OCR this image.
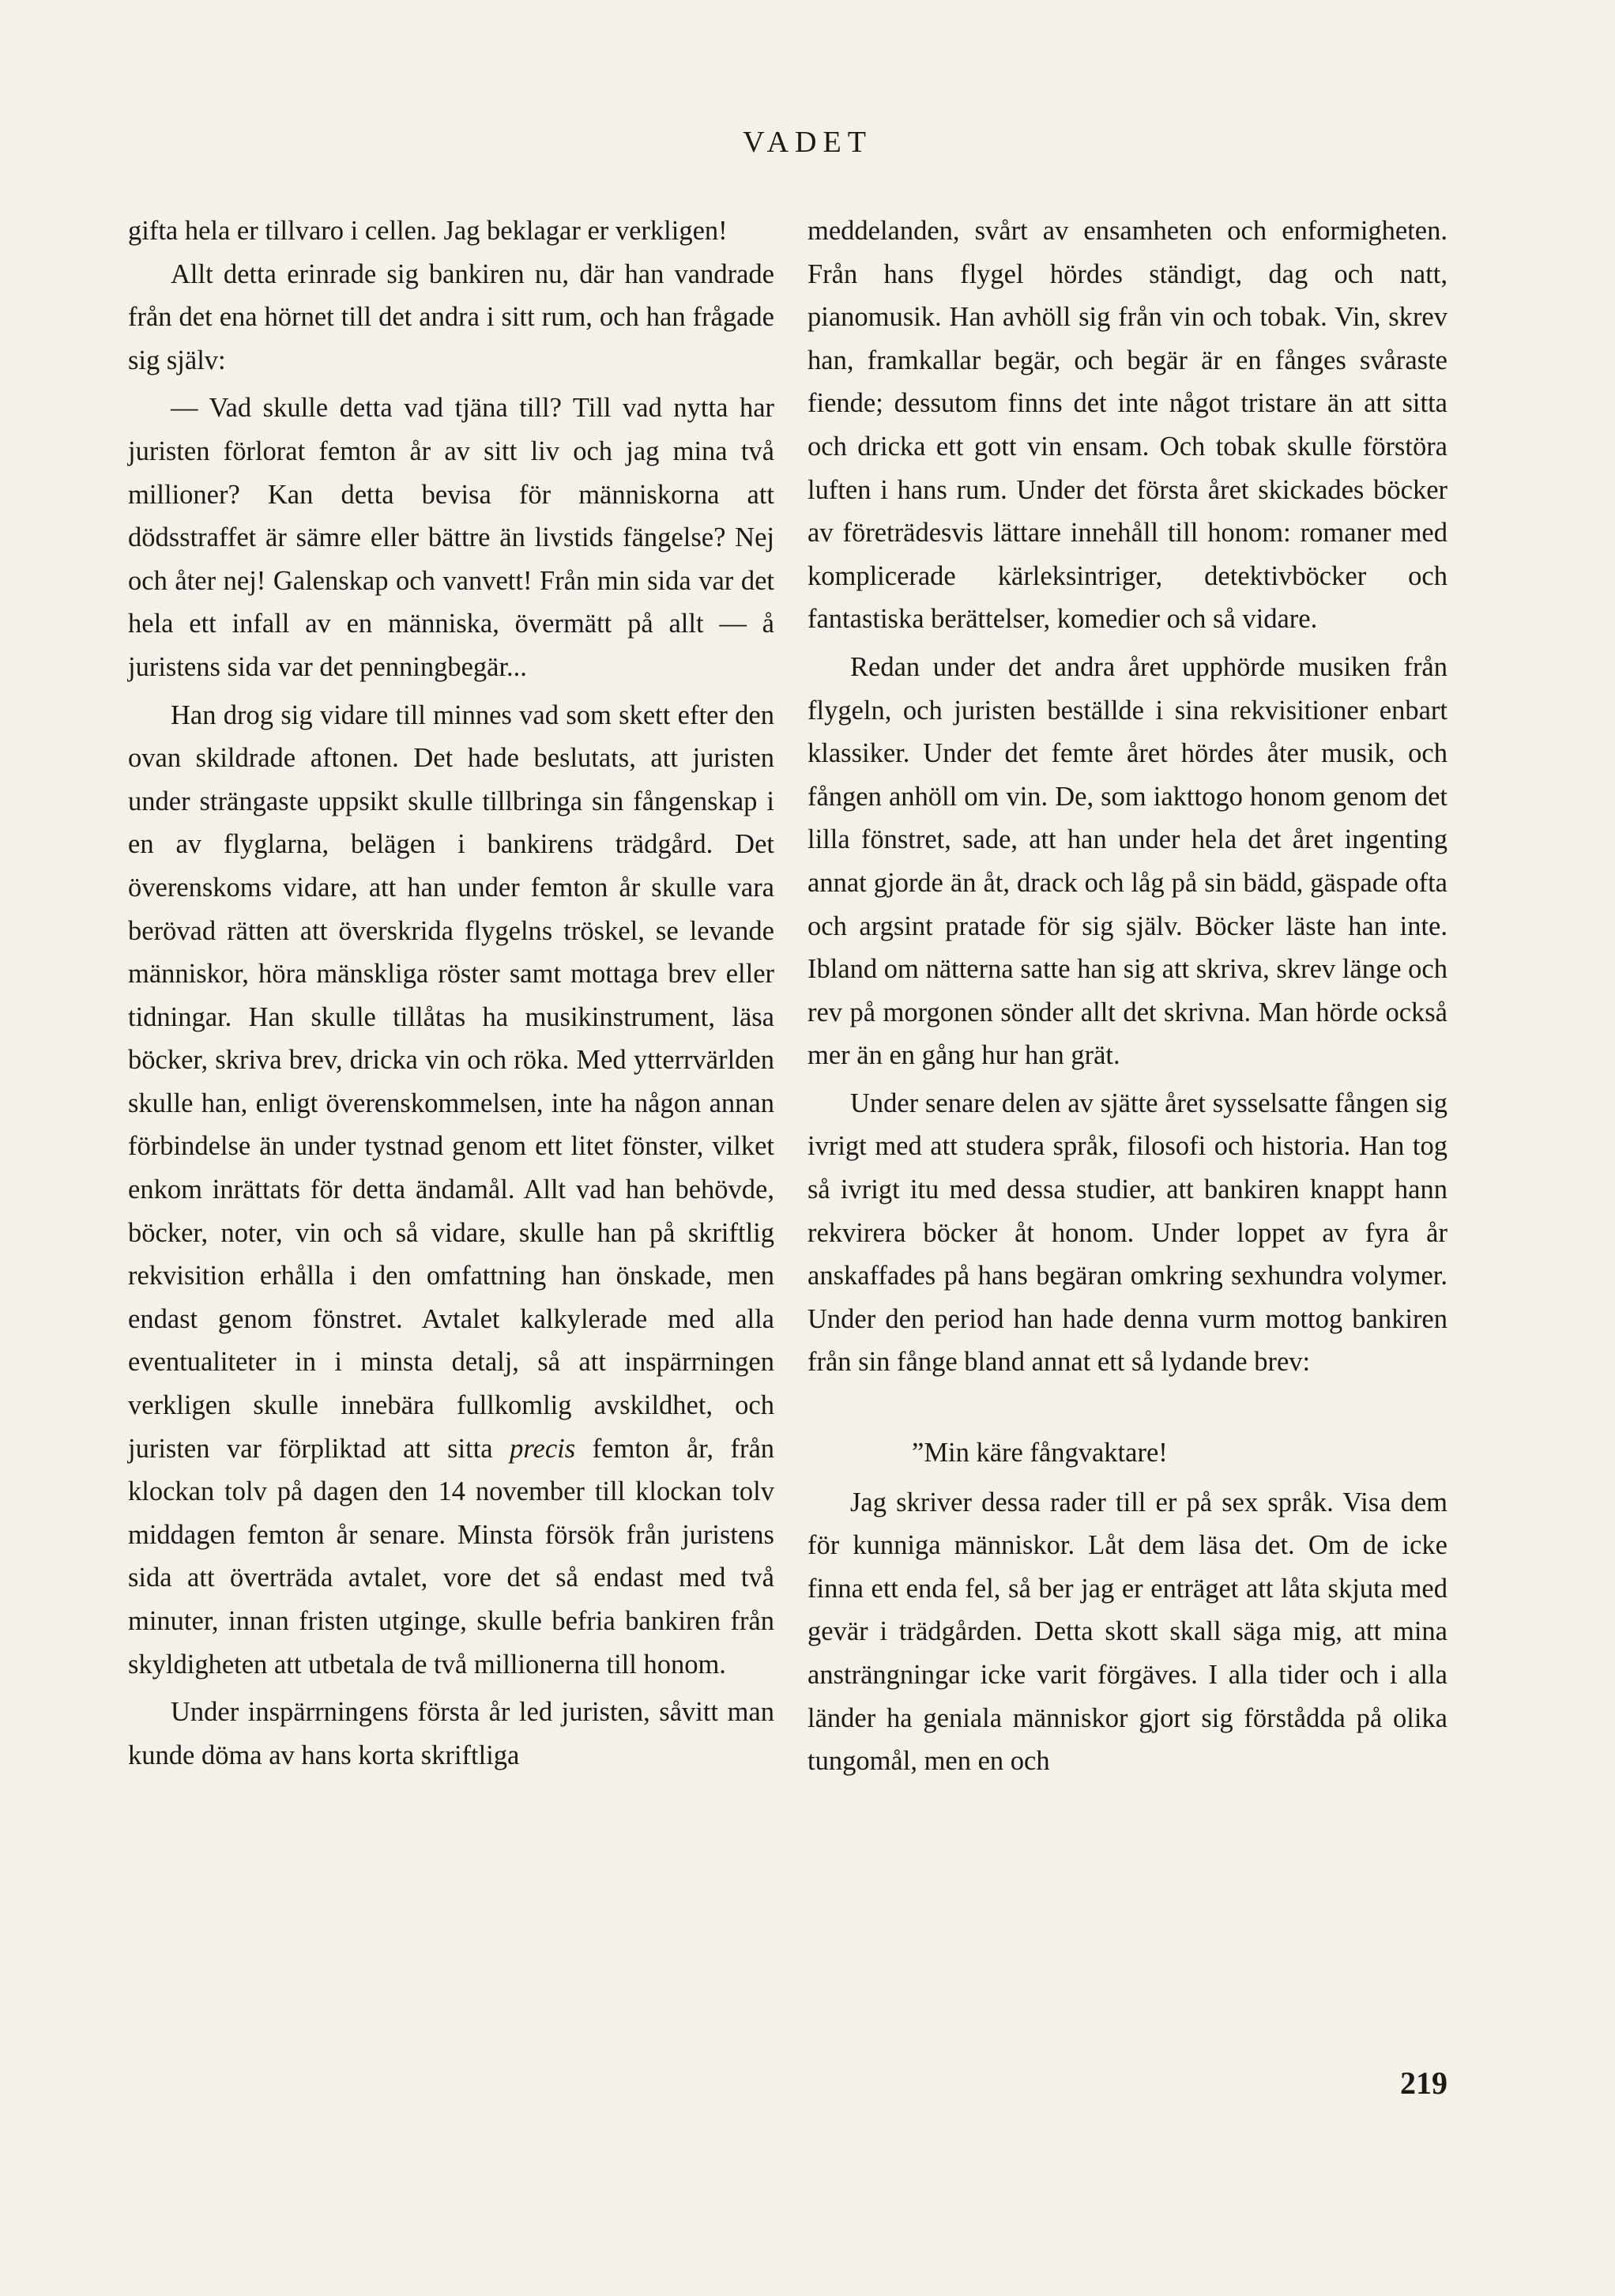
VADET

gifta hela er tillvaro i cellen. Jag beklagar er verkligen!

Allt detta erinrade sig bankiren nu, där han vandrade från det ena hörnet till det andra i sitt rum, och han frågade sig själv:

— Vad skulle detta vad tjäna till? Till vad nytta har juristen förlorat femton år av sitt liv och jag mina två millioner? Kan detta bevisa för människorna att dödsstraffet är sämre eller bättre än livstids fängelse? Nej och åter nej! Galenskap och vanvett! Från min sida var det hela ett infall av en människa, övermätt på allt — å juristens sida var det penningbegär...

Han drog sig vidare till minnes vad som skett efter den ovan skildrade aftonen. Det hade beslutats, att juristen under strängaste uppsikt skulle tillbringa sin fångenskap i en av flyglarna, belägen i bankirens trädgård. Det överenskoms vidare, att han under femton år skulle vara berövad rätten att överskrida flygelns tröskel, se levande människor, höra mänskliga röster samt mottaga brev eller tidningar. Han skulle tillåtas ha musikinstrument, läsa böcker, skriva brev, dricka vin och röka. Med ytterrvärlden skulle han, enligt överenskommelsen, inte ha någon annan förbindelse än under tystnad genom ett litet fönster, vilket enkom inrättats för detta ändamål. Allt vad han behövde, böcker, noter, vin och så vidare, skulle han på skriftlig rekvisition erhålla i den omfattning han önskade, men endast genom fönstret. Avtalet kalkylerade med alla eventualiteter in i minsta detalj, så att inspärrningen verkligen skulle innebära fullkomlig avskildhet, och juristen var förpliktad att sitta precis femton år, från klockan tolv på dagen den 14 november till klockan tolv middagen femton år senare. Minsta försök från juristens sida att överträda avtalet, vore det så endast med två minuter, innan fristen utginge, skulle befria bankiren från skyldigheten att utbetala de två millionerna till honom.

Under inspärrningens första år led juristen, såvitt man kunde döma av hans korta skriftliga

meddelanden, svårt av ensamheten och enformigheten. Från hans flygel hördes ständigt, dag och natt, pianomusik. Han avhöll sig från vin och tobak. Vin, skrev han, framkallar begär, och begär är en fånges svåraste fiende; dessutom finns det inte något tristare än att sitta och dricka ett gott vin ensam. Och tobak skulle förstöra luften i hans rum. Under det första året skickades böcker av företrädesvis lättare innehåll till honom: romaner med komplicerade kärleksintriger, detektivböcker och fantastiska berättelser, komedier och så vidare.

Redan under det andra året upphörde musiken från flygeln, och juristen beställde i sina rekvisitioner enbart klassiker. Under det femte året hördes åter musik, och fången anhöll om vin. De, som iakttogo honom genom det lilla fönstret, sade, att han under hela det året ingenting annat gjorde än åt, drack och låg på sin bädd, gäspade ofta och argsint pratade för sig själv. Böcker läste han inte. Ibland om nätterna satte han sig att skriva, skrev länge och rev på morgonen sönder allt det skrivna. Man hörde också mer än en gång hur han grät.

Under senare delen av sjätte året sysselsatte fången sig ivrigt med att studera språk, filosofi och historia. Han tog så ivrigt itu med dessa studier, att bankiren knappt hann rekvirera böcker åt honom. Under loppet av fyra år anskaffades på hans begäran omkring sexhundra volymer. Under den period han hade denna vurm mottog bankiren från sin fånge bland annat ett så lydande brev:

”Min käre fångvaktare!

Jag skriver dessa rader till er på sex språk. Visa dem för kunniga människor. Låt dem läsa det. Om de icke finna ett enda fel, så ber jag er enträget att låta skjuta med gevär i trädgården. Detta skott skall säga mig, att mina ansträngningar icke varit förgäves. I alla tider och i alla länder ha geniala människor gjort sig förstådda på olika tungomål, men en och

219
